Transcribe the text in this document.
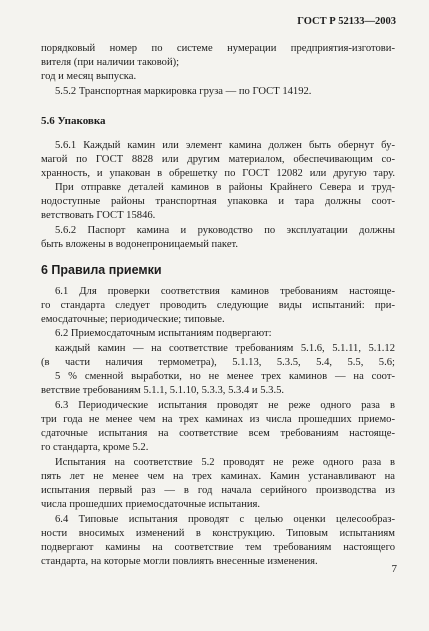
ГОСТ Р 52133—2003
порядковый номер по системе нумерации предприятия-изготови-
вителя (при наличии таковой);
год и месяц выпуска.
5.5.2 Транспортная маркировка груза — по ГОСТ 14192.
5.6 Упаковка
5.6.1 Каждый камин или элемент камина должен быть обернут бу-
магой по ГОСТ 8828 или другим материалом, обеспечивающим со-
хранность, и упакован в обрешетку по ГОСТ 12082 или другую тару.
При отправке деталей каминов в районы Крайнего Севера и труд-
нодоступные районы транспортная упаковка и тара должны соот-
ветствовать ГОСТ 15846.
5.6.2 Паспорт камина и руководство по эксплуатации должны
быть вложены в водонепроницаемый пакет.
6 Правила приемки
6.1 Для проверки соответствия каминов требованиям настояще-
го стандарта следует проводить следующие виды испытаний: при-
емосдаточные; периодические; типовые.
6.2 Приемосдаточным испытаниям подвергают:
каждый камин — на соответствие требованиям 5.1.6, 5.1.11, 5.1.12
(в части наличия термометра), 5.1.13, 5.3.5, 5.4, 5.5, 5.6;
5 % сменной выработки, но не менее трех каминов — на соот-
ветствие требованиям 5.1.1, 5.1.10, 5.3.3, 5.3.4 и 5.3.5.
6.3 Периодические испытания проводят не реже одного раза в
три года не менее чем на трех каминах из числа прошедших приемо-
сдаточные испытания на соответствие всем требованиям настояще-
го стандарта, кроме 5.2.
Испытания на соответствие 5.2 проводят не реже одного раза в
пять лет не менее чем на трех каминах. Камин устанавливают на
испытания первый раз — в год начала серийного производства из
числа прошедших приемосдаточные испытания.
6.4 Типовые испытания проводят с целью оценки целесообраз-
ности вносимых изменений в конструкцию. Типовым испытаниям
подвергают камины на соответствие тем требованиям настоящего
стандарта, на которые могли повлиять внесенные изменения.
7
